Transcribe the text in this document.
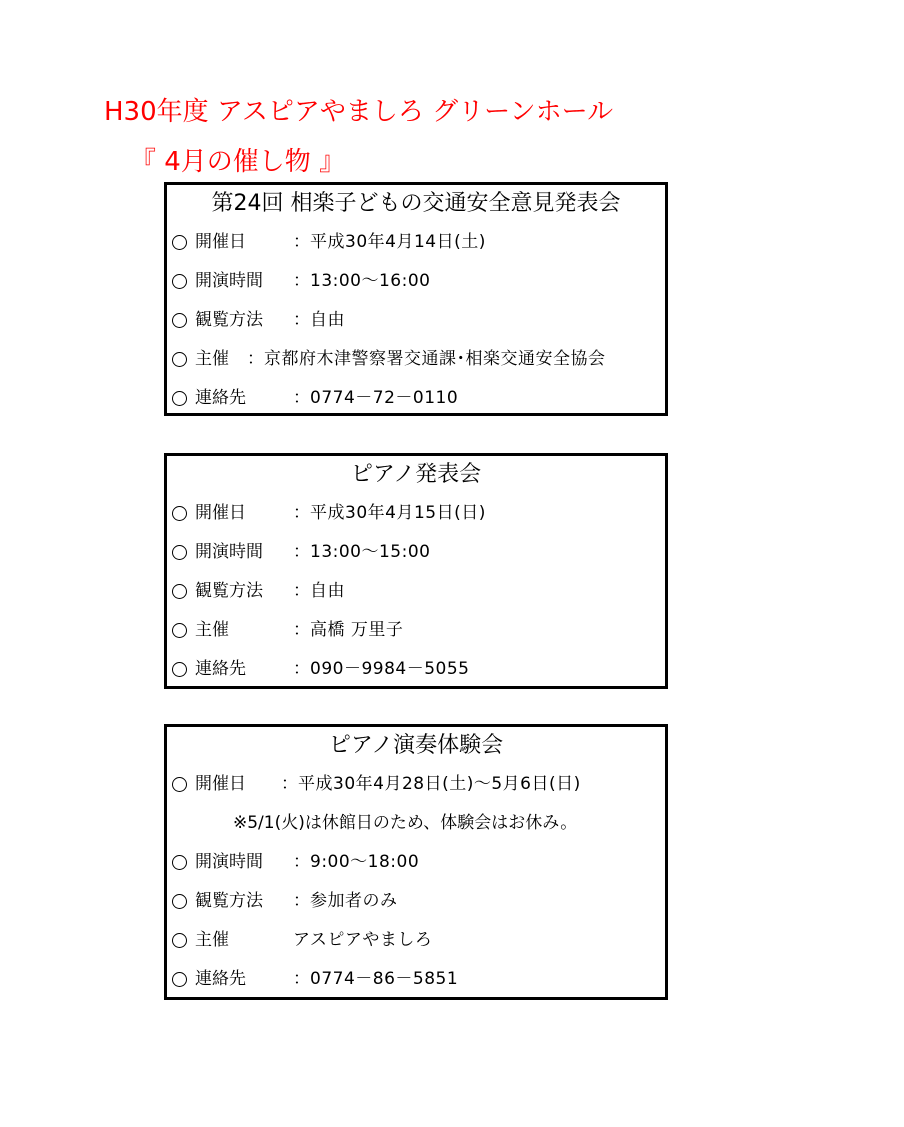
H30年度 アスピアやましろ グリーンホール
『 4月の催し物 』
第24回 相楽子どもの交通安全意見発表会
開催日	： 平成30年4月14日(土)
開演時間	： 13:00～16:00
観覧方法	： 自由
主催	： 京都府木津警察署交通課･相楽交通安全協会
連絡先	： 0774－72－0110
ピアノ発表会
開催日	： 平成30年4月15日(日)
開演時間	： 13:00～15:00
観覧方法	： 自由
主催	： 高橋 万里子
連絡先	： 090－9984－5055
ピアノ演奏体験会
開催日	： 平成30年4月28日(土)～5月6日(日)
※5/1(火)は休館日のため、体験会はお休み。
開演時間	： 9:00～18:00
観覧方法	： 参加者のみ
主催	アスピアやましろ
連絡先	： 0774－86－5851
